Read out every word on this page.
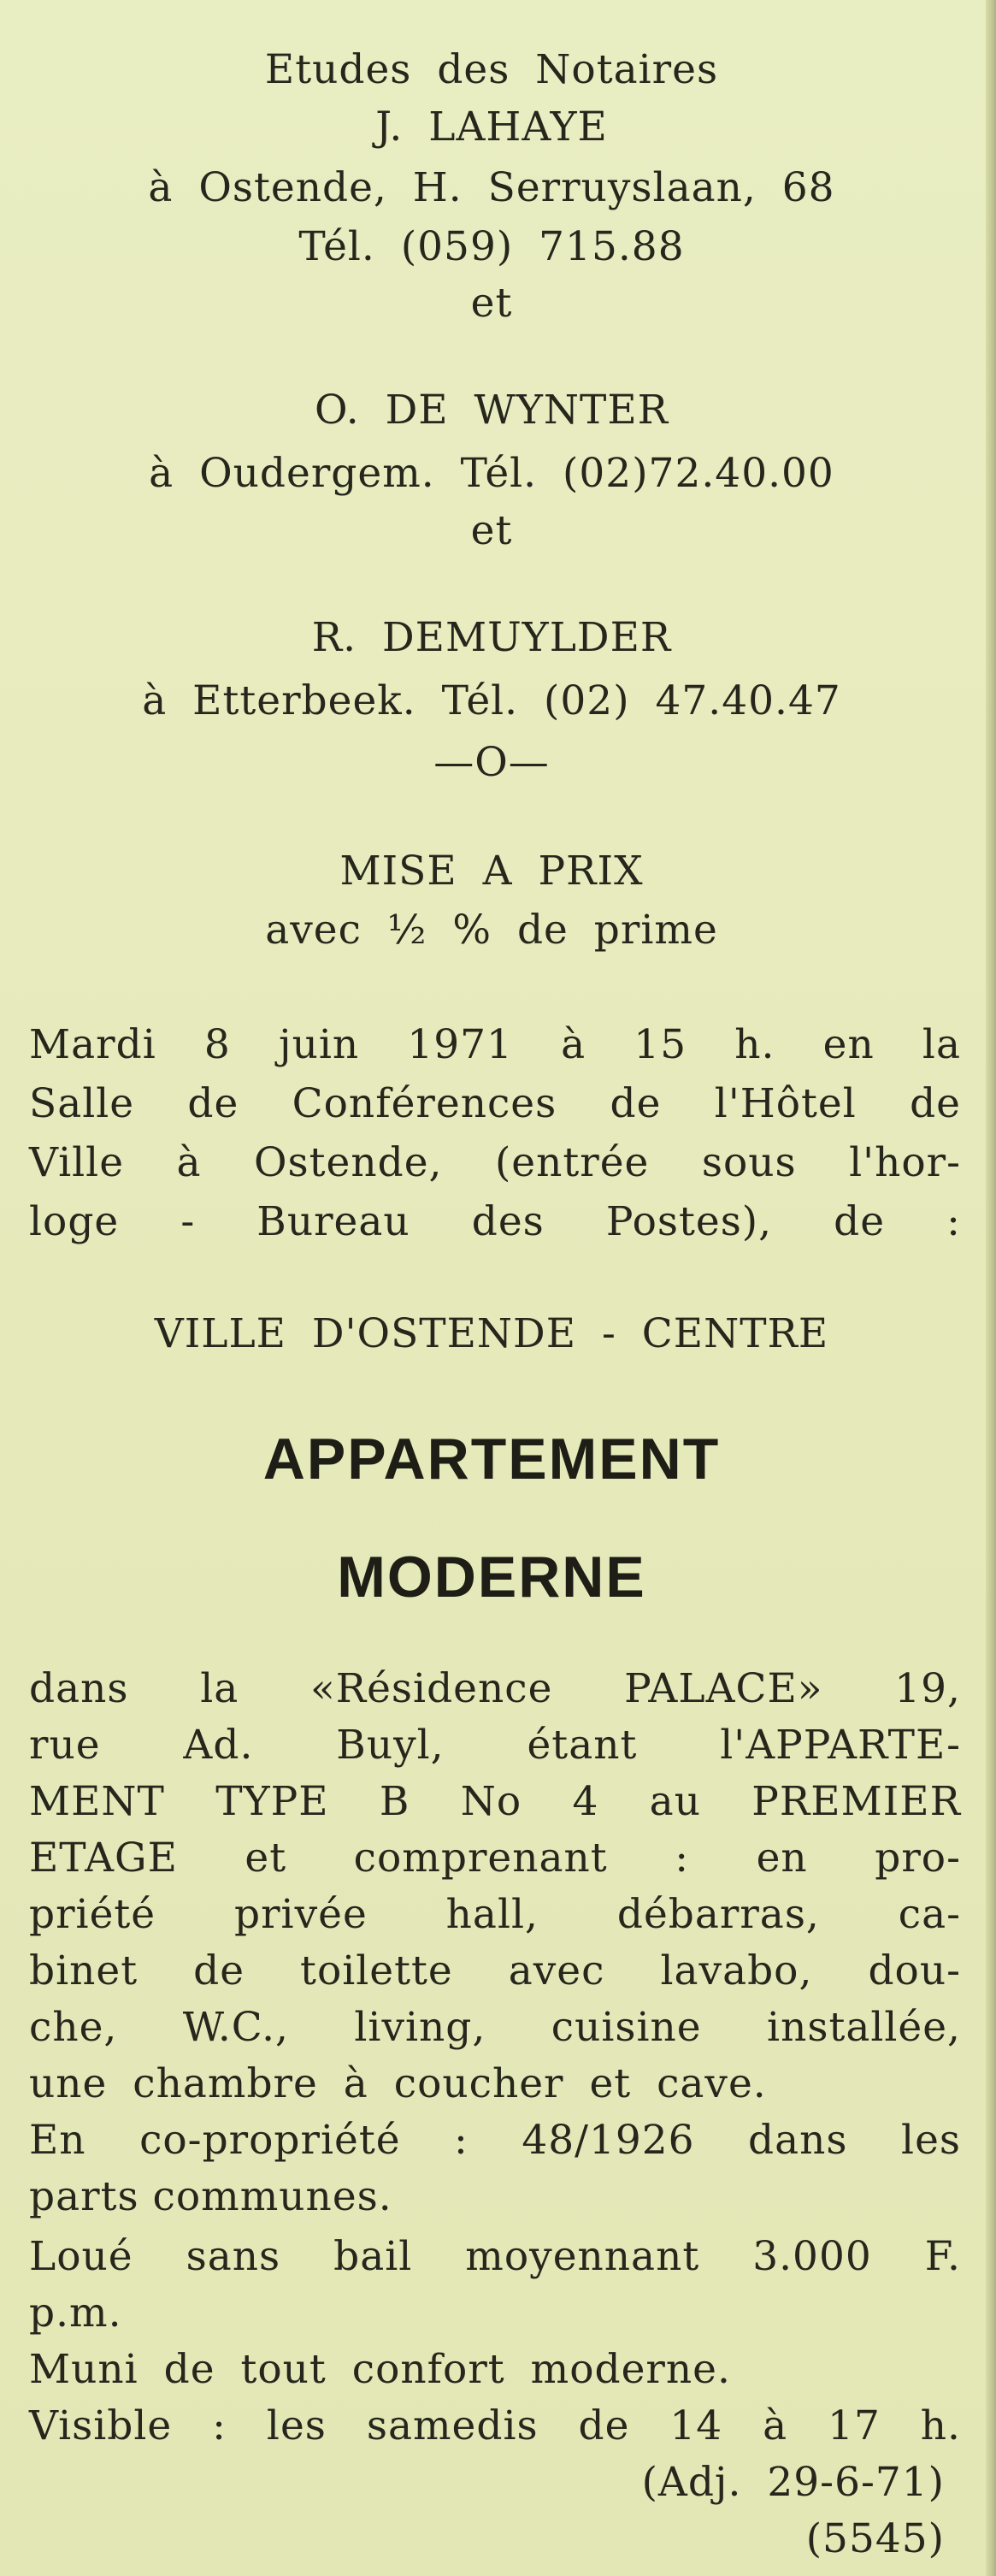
Etudes des Notaires
J. LAHAYE
à Ostende, H. Serruyslaan, 68
Tél. (059) 715.88
et
O. DE WYNTER
à Oudergem. Tél. (02)72.40.00
et
R. DEMUYLDER
à Etterbeek. Tél. (02) 47.40.47
—O—
MISE A PRIX
avec ½ % de prime
Mardi 8 juin 1971 à 15 h. en la
Salle de Conférences de l'Hôtel de
Ville à Ostende, (entrée sous l'hor-
loge - Bureau des Postes), de :
VILLE D'OSTENDE - CENTRE
APPARTEMENT
MODERNE
dans la «Résidence PALACE» 19,
rue Ad. Buyl, étant l'APPARTE-
MENT TYPE B No 4 au PREMIER
ETAGE et comprenant : en pro-
priété privée hall, débarras, ca-
binet de toilette avec lavabo, dou-
che, W.C., living, cuisine installée,
une chambre à coucher et cave.
En co-propriété : 48/1926 dans les
parts communes.
Loué sans bail moyennant 3.000 F.
p.m.
Muni de tout confort moderne.
Visible : les samedis de 14 à 17 h.
(Adj. 29-6-71)
(5545)
